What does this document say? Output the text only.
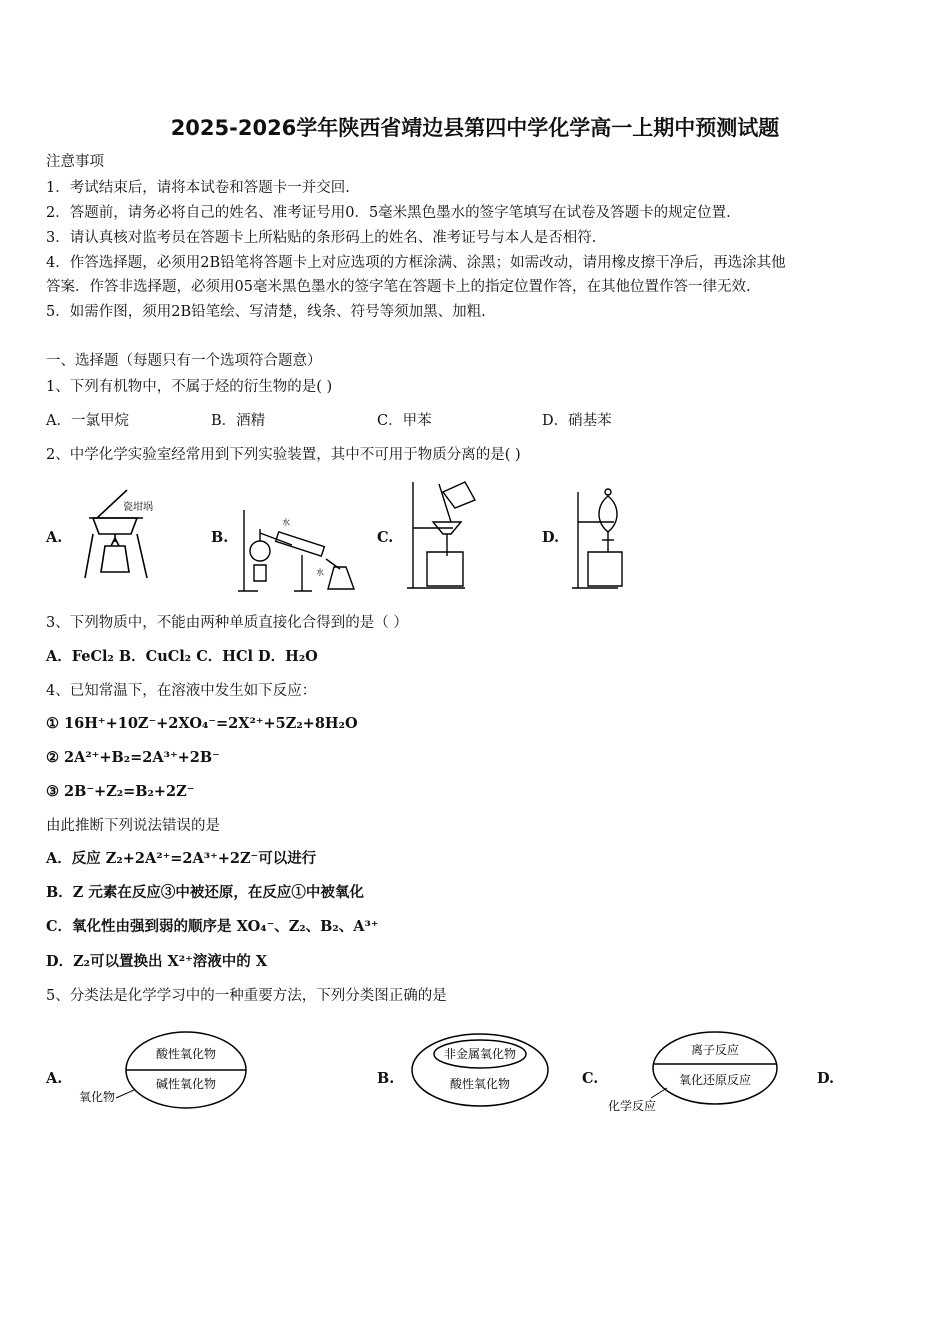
2025-2026学年陕西省靖边县第四中学化学高一上期中预测试题
注意事项
1．考试结束后，请将本试卷和答题卡一并交回.
2．答题前，请务必将自己的姓名、准考证号用0．5毫米黑色墨水的签字笔填写在试卷及答题卡的规定位置.
3．请认真核对监考员在答题卡上所粘贴的条形码上的姓名、准考证号与本人是否相符.
4．作答选择题，必须用2B铅笔将答题卡上对应选项的方框涂满、涂黑；如需改动，请用橡皮擦干净后，再选涂其他
答案．作答非选择题，必须用05毫米黑色墨水的签字笔在答题卡上的指定位置作答，在其他位置作答一律无效.
5．如需作图，须用2B铅笔绘、写清楚，线条、符号等须加黑、加粗.
一、选择题（每题只有一个选项符合题意）
1、下列有机物中，不属于烃的衍生物的是( )
A．一氯甲烷	B．酒精	C．甲苯	D．硝基苯
2、中学化学实验室经常用到下列实验装置，其中不可用于物质分离的是( )
A.	B.	C.	D.
瓷坩埚
水
水
3、下列物质中，不能由两种单质直接化合得到的是（ ）
A．FeCl₂ B．CuCl₂ C．HCl D．H₂O
4、已知常温下，在溶液中发生如下反应：
① 16H⁺+10Z⁻+2XO₄⁻=2X²⁺+5Z₂+8H₂O
② 2A²⁺+B₂=2A³⁺+2B⁻
③ 2B⁻+Z₂=B₂+2Z⁻
由此推断下列说法错误的是
A．反应 Z₂+2A²⁺=2A³⁺+2Z⁻可以进行
B．Z 元素在反应③中被还原，在反应①中被氧化
C．氧化性由强到弱的顺序是 XO₄⁻、Z₂、B₂、A³⁺
D．Z₂可以置换出 X²⁺溶液中的 X
5、分类法是化学学习中的一种重要方法，下列分类图正确的是
A.	B.	C.	D.
酸性氧化物
碱性氧化物
氧化物
非金属氧化物
酸性氧化物
离子反应
氧化还原反应
化学反应
